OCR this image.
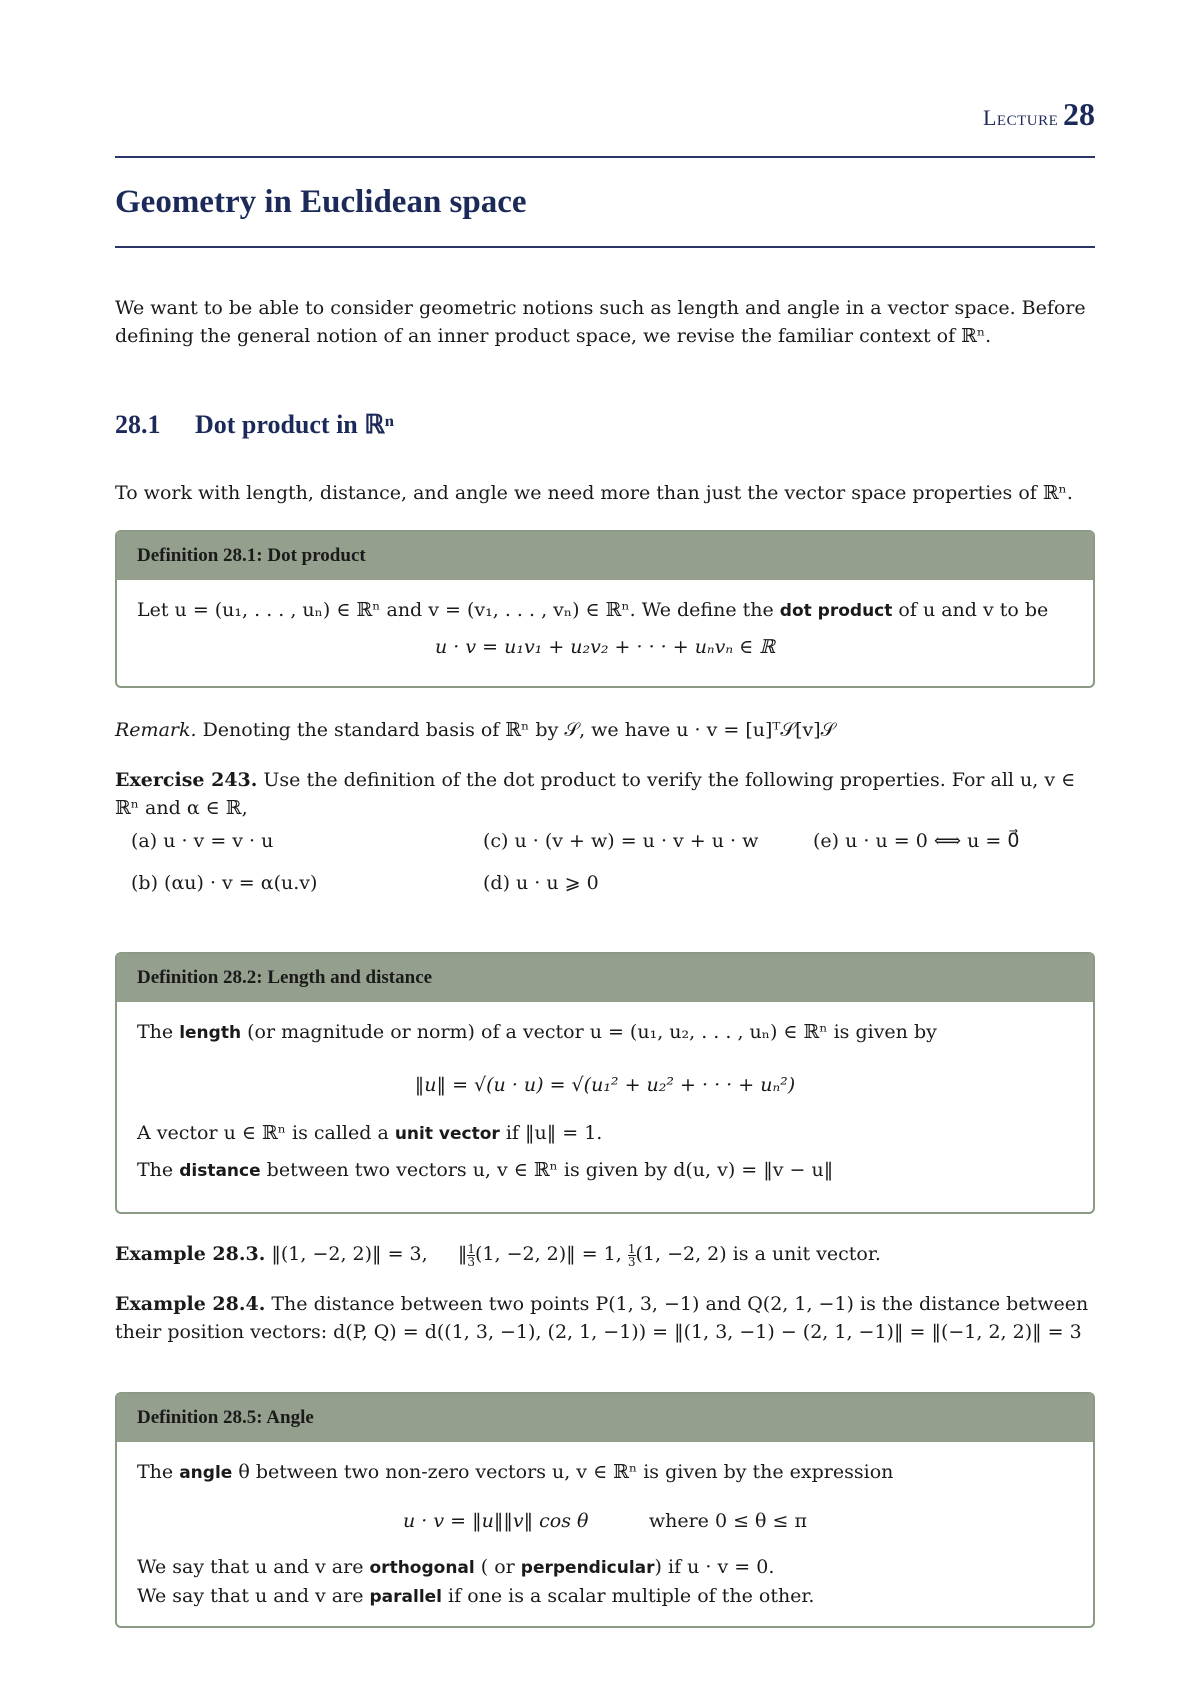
Lecture 28
Geometry in Euclidean space
We want to be able to consider geometric notions such as length and angle in a vector space. Before defining the general notion of an inner product space, we revise the familiar context of ℝⁿ.
28.1 Dot product in ℝⁿ
To work with length, distance, and angle we need more than just the vector space properties of ℝⁿ.
Definition 28.1: Dot product
Let u = (u₁, . . . , uₙ) ∈ ℝⁿ and v = (v₁, . . . , vₙ) ∈ ℝⁿ. We define the dot product of u and v to be
u · v = u₁v₁ + u₂v₂ + · · · + uₙvₙ ∈ ℝ
Remark. Denoting the standard basis of ℝⁿ by 𝒮, we have u · v = [u]ᵀ𝒮[v]𝒮
Exercise 243. Use the definition of the dot product to verify the following properties. For all u, v ∈ ℝⁿ and α ∈ ℝ,
(a) u · v = v · u	(c) u · (v + w) = u · v + u · w	(e) u · u = 0 ⟺ u = 0⃗
(b) (αu) · v = α(u.v)	(d) u · u ⩾ 0
Definition 28.2: Length and distance
The length (or magnitude or norm) of a vector u = (u₁, u₂, . . . , uₙ) ∈ ℝⁿ is given by
‖u‖ = √(u · u) = √(u₁² + u₂² + · · · + uₙ²)
A vector u ∈ ℝⁿ is called a unit vector if ‖u‖ = 1.
The distance between two vectors u, v ∈ ℝⁿ is given by d(u, v) = ‖v − u‖
Example 28.3. ‖(1, −2, 2)‖ = 3, ‖ $\frac{1}{3} (1$, −2, 2)‖ = 1, $\frac{1}{3} (1$, −2, 2) is a unit vector.
Example 28.4. The distance between two points P(1, 3, −1) and Q(2, 1, −1) is the distance between their position vectors: d(P, Q) = d((1, 3, −1), (2, 1, −1)) = ‖(1, 3, −1) − (2, 1, −1)‖ = ‖(−1, 2, 2)‖ = 3
Definition 28.5: Angle
The angle θ between two non-zero vectors u, v ∈ ℝⁿ is given by the expression
u · v = ‖u‖‖v‖ cos θ	where 0 ≤ θ ≤ π
We say that u and v are orthogonal ( or perpendicular) if u · v = 0.
We say that u and v are parallel if one is a scalar multiple of the other.
